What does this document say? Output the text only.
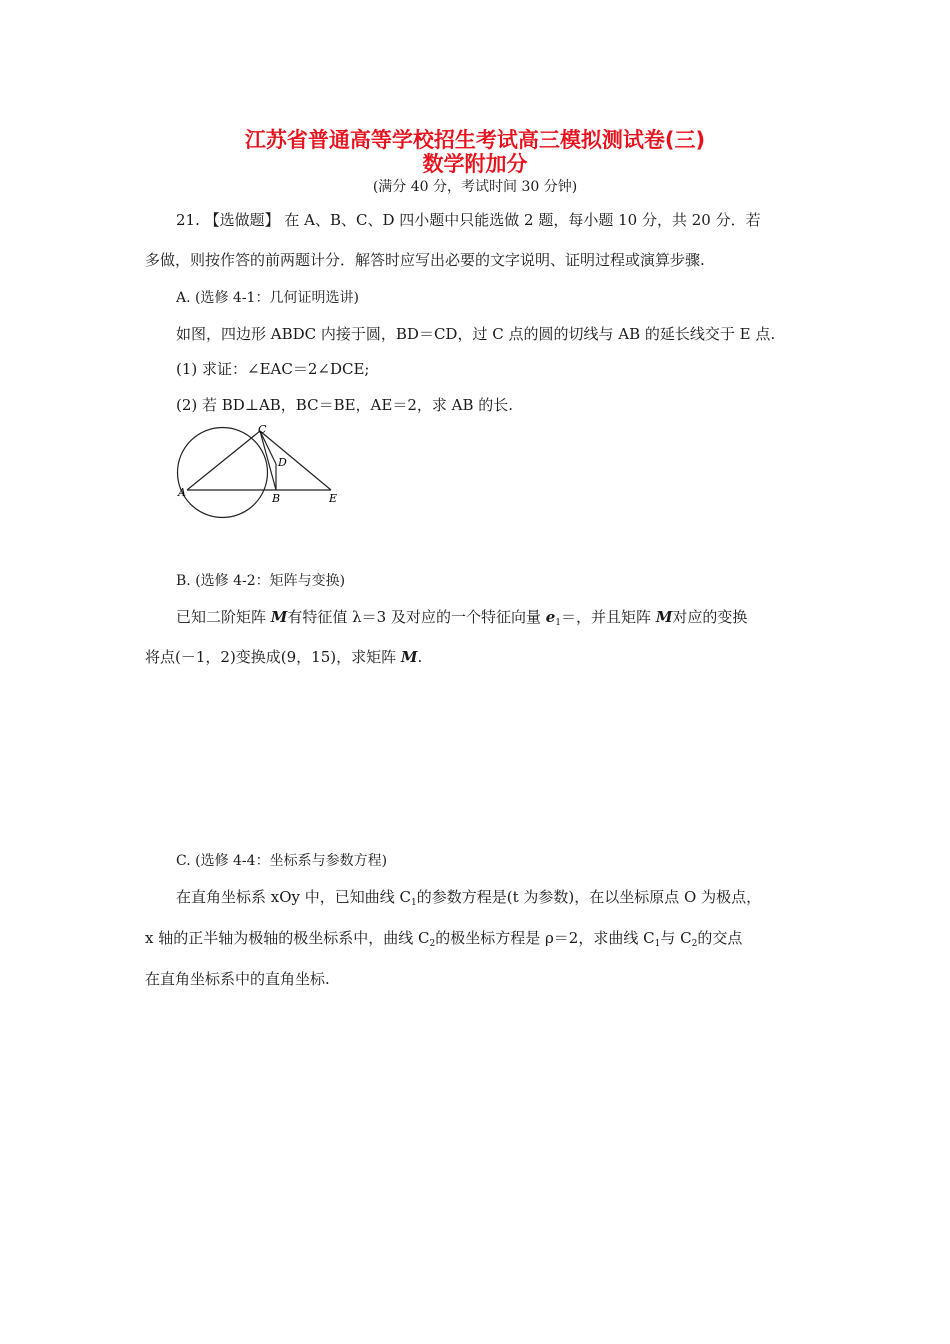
江苏省普通高等学校招生考试高三模拟测试卷(三)
数学附加分
(满分 40 分，考试时间 30 分钟)
21. 【选做题】 在 A、B、C、D 四小题中只能选做 2 题，每小题 10 分，共 20 分．若
多做，则按作答的前两题计分．解答时应写出必要的文字说明、证明过程或演算步骤.
A. (选修 4-1：几何证明选讲)
如图，四边形 ABDC 内接于圆，BD＝CD，过 C 点的圆的切线与 AB 的延长线交于 E 点.
(1) 求证：∠EAC＝2∠DCE;
(2) 若 BD⊥AB，BC＝BE，AE＝2，求 AB 的长.
A	B
C
D
E
B. (选修 4-2：矩阵与变换)
已知二阶矩阵 M有特征值 λ＝3 及对应的一个特征向量 $e_1=$，并且矩阵 M对应的变换
将点(－1，2)变换成(9，15)，求矩阵 M.
C. (选修 4-4：坐标系与参数方程)
在直角坐标系 xOy 中，已知曲线 $C_1$的参数方程是(t 为参数)，在以坐标原点 O 为极点，
x 轴的正半轴为极轴的极坐标系中，曲线 $C_2$的极坐标方程是 ρ＝2，求曲线 $C_1$与 $C_2$的交点
在直角坐标系中的直角坐标.
